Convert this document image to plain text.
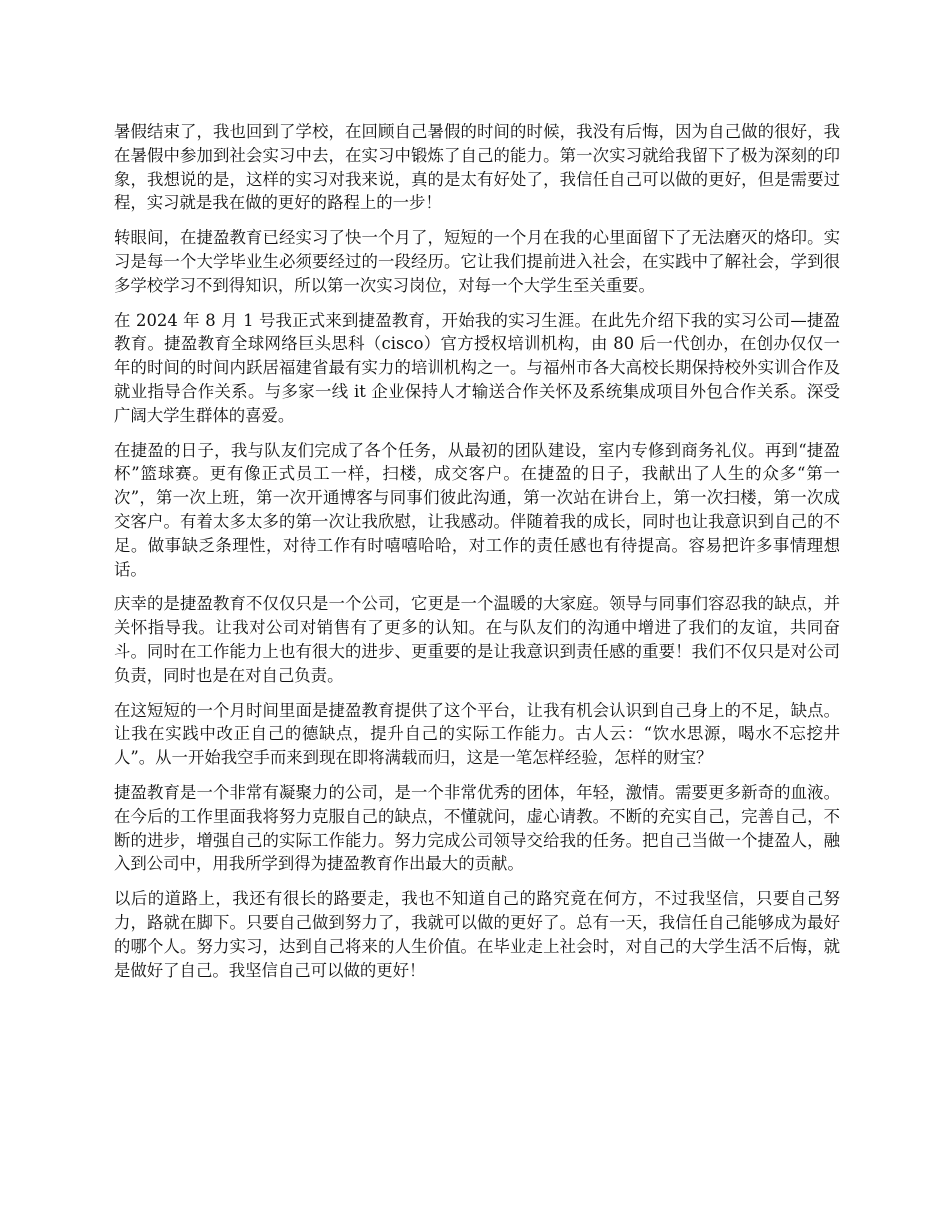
暑假结束了，我也回到了学校，在回顾自己暑假的时间的时候，我没有后悔，因为自己做的很好，我在暑假中参加到社会实习中去，在实习中锻炼了自己的能力。第一次实习就给我留下了极为深刻的印象，我想说的是，这样的实习对我来说，真的是太有好处了，我信任自己可以做的更好，但是需要过程，实习就是我在做的更好的路程上的一步！

转眼间，在捷盈教育已经实习了快一个月了，短短的一个月在我的心里面留下了无法磨灭的烙印。实习是每一个大学毕业生必须要经过的一段经历。它让我们提前进入社会，在实践中了解社会，学到很多学校学习不到得知识，所以第一次实习岗位，对每一个大学生至关重要。

在 2024 年 8 月 1 号我正式来到捷盈教育，开始我的实习生涯。在此先介绍下我的实习公司—捷盈教育。捷盈教育全球网络巨头思科（cisco）官方授权培训机构，由 80 后一代创办，在创办仅仅一年的时间的时间内跃居福建省最有实力的培训机构之一。与福州市各大高校长期保持校外实训合作及就业指导合作关系。与多家一线 it 企业保持人才输送合作关怀及系统集成项目外包合作关系。深受广阔大学生群体的喜爱。

在捷盈的日子，我与队友们完成了各个任务，从最初的团队建设，室内专修到商务礼仪。再到“捷盈杯”篮球赛。更有像正式员工一样，扫楼，成交客户。在捷盈的日子，我献出了人生的众多“第一次”，第一次上班，第一次开通博客与同事们彼此沟通，第一次站在讲台上，第一次扫楼，第一次成交客户。有着太多太多的第一次让我欣慰，让我感动。伴随着我的成长，同时也让我意识到自己的不足。做事缺乏条理性，对待工作有时嘻嘻哈哈，对工作的责任感也有待提高。容易把许多事情理想话。

庆幸的是捷盈教育不仅仅只是一个公司，它更是一个温暖的大家庭。领导与同事们容忍我的缺点，并关怀指导我。让我对公司对销售有了更多的认知。在与队友们的沟通中增进了我们的友谊，共同奋斗。同时在工作能力上也有很大的进步、更重要的是让我意识到责任感的重要！我们不仅只是对公司负责，同时也是在对自己负责。

在这短短的一个月时间里面是捷盈教育提供了这个平台，让我有机会认识到自己身上的不足，缺点。让我在实践中改正自己的德缺点，提升自己的实际工作能力。古人云：“饮水思源，喝水不忘挖井人”。从一开始我空手而来到现在即将满载而归，这是一笔怎样经验，怎样的财宝？

捷盈教育是一个非常有凝聚力的公司，是一个非常优秀的团体，年轻，激情。需要更多新奇的血液。在今后的工作里面我将努力克服自己的缺点，不懂就问，虚心请教。不断的充实自己，完善自己，不断的进步，增强自己的实际工作能力。努力完成公司领导交给我的任务。把自己当做一个捷盈人，融入到公司中，用我所学到得为捷盈教育作出最大的贡献。

以后的道路上，我还有很长的路要走，我也不知道自己的路究竟在何方，不过我坚信，只要自己努力，路就在脚下。只要自己做到努力了，我就可以做的更好了。总有一天，我信任自己能够成为最好的哪个人。努力实习，达到自己将来的人生价值。在毕业走上社会时，对自己的大学生活不后悔，就是做好了自己。我坚信自己可以做的更好！
